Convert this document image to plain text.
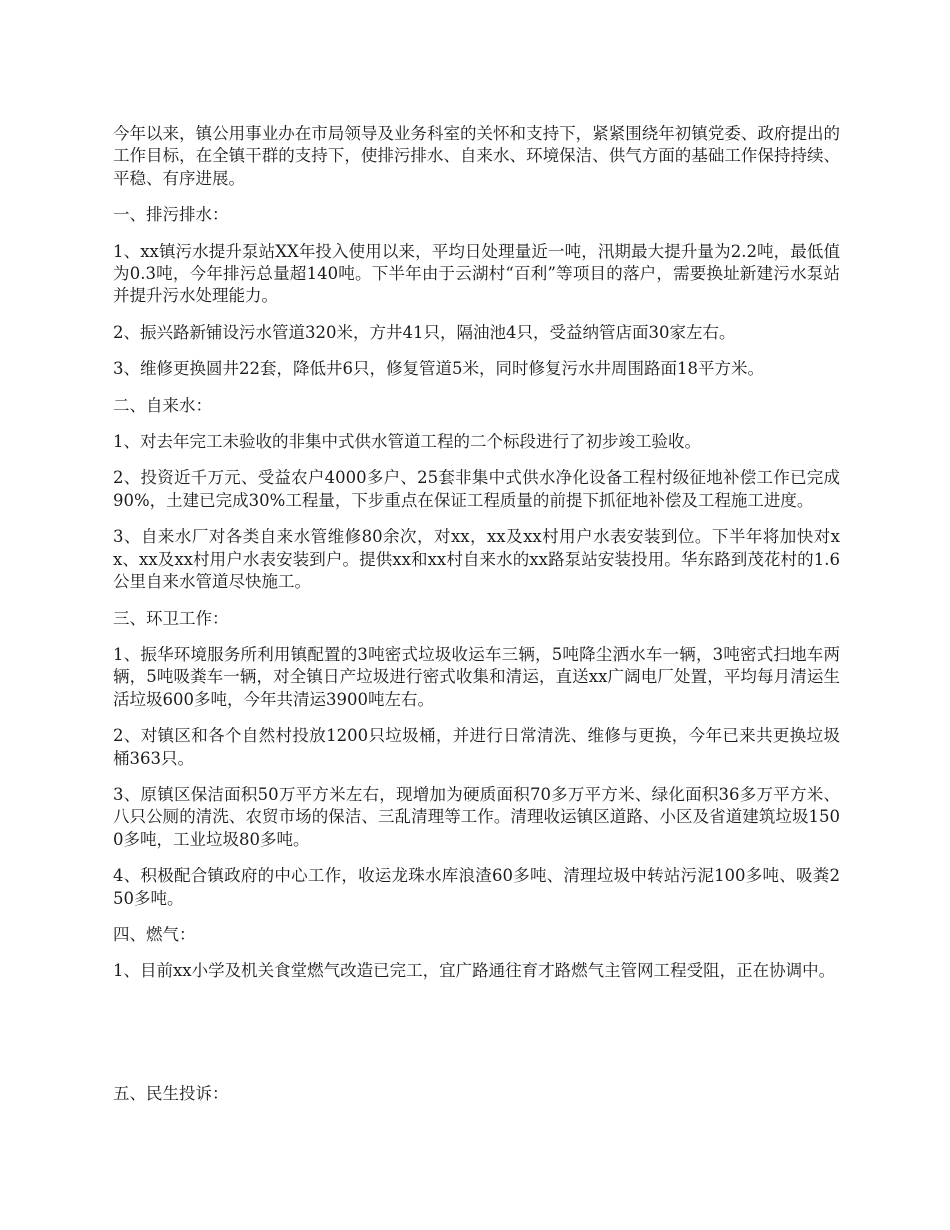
今年以来，镇公用事业办在市局领导及业务科室的关怀和支持下，紧紧围绕年初镇党委、政府提出的工作目标，在全镇干群的支持下，使排污排水、自来水、环境保洁、供气方面的基础工作保持持续、平稳、有序进展。

一、排污排水：

1、xx镇污水提升泵站XX年投入使用以来，平均日处理量近一吨，汛期最大提升量为2.2吨，最低值为0.3吨，今年排污总量超140吨。下半年由于云湖村“百利”等项目的落户，需要换址新建污水泵站并提升污水处理能力。

2、振兴路新铺设污水管道320米，方井41只，隔油池4只，受益纳管店面30家左右。

3、维修更换圆井22套，降低井6只，修复管道5米，同时修复污水井周围路面18平方米。

二、自来水：

1、对去年完工未验收的非集中式供水管道工程的二个标段进行了初步竣工验收。

2、投资近千万元、受益农户4000多户、25套非集中式供水净化设备工程村级征地补偿工作已完成90%，土建已完成30%工程量，下步重点在保证工程质量的前提下抓征地补偿及工程施工进度。

3、自来水厂对各类自来水管维修80余次，对xx，xx及xx村用户水表安装到位。下半年将加快对xx、xx及xx村用户水表安装到户。提供xx和xx村自来水的xx路泵站安装投用。华东路到茂花村的1.6公里自来水管道尽快施工。

三、环卫工作：

1、振华环境服务所利用镇配置的3吨密式垃圾收运车三辆，5吨降尘洒水车一辆，3吨密式扫地车两辆，5吨吸粪车一辆，对全镇日产垃圾进行密式收集和清运，直送xx广阔电厂处置，平均每月清运生活垃圾600多吨，今年共清运3900吨左右。

2、对镇区和各个自然村投放1200只垃圾桶，并进行日常清洗、维修与更换，今年已来共更换垃圾桶363只。

3、原镇区保洁面积50万平方米左右，现增加为硬质面积70多万平方米、绿化面积36多万平方米、八只公厕的清洗、农贸市场的保洁、三乱清理等工作。清理收运镇区道路、小区及省道建筑垃圾1500多吨，工业垃圾80多吨。

4、积极配合镇政府的中心工作，收运龙珠水库浪渣60多吨、清理垃圾中转站污泥100多吨、吸粪250多吨。

四、燃气：

1、目前xx小学及机关食堂燃气改造已完工，宜广路通往育才路燃气主管网工程受阻，正在协调中。

五、民生投诉：
